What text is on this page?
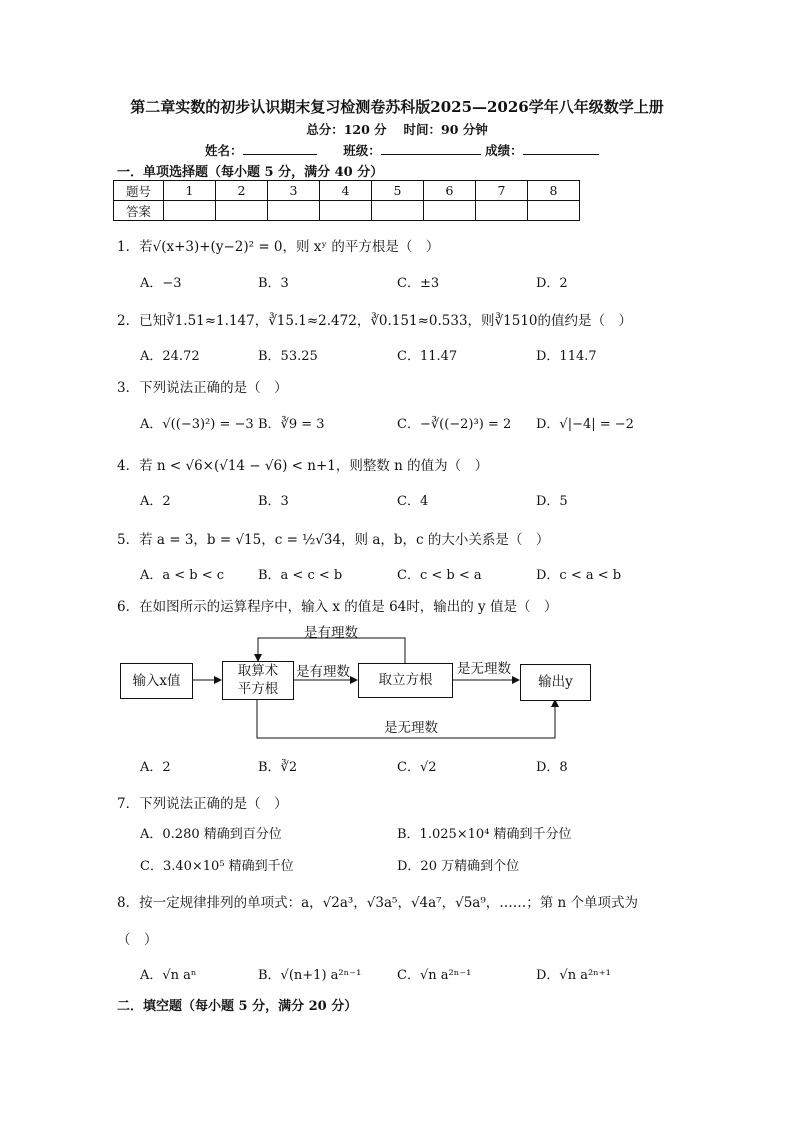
第二章实数的初步认识期末复习检测卷苏科版2025—2026学年八年级数学上册
总分：120 分　 时间：90 分钟
姓名：	班级：	成绩：
一．单项选择题（每小题 5 分，满分 40 分）
题号	1	2	3	4	5	6	7	8
答案								
1．若√(x+3)+(y−2)² = 0，则 xʸ 的平方根是（　）
A．−3	B．3	C．±3	D．2
2．已知∛1.51≈1.147，∛15.1≈2.472，∛0.151≈0.533，则∛1510的值约是（　）
A．24.72	B．53.25	C．11.47	D．114.7
3．下列说法正确的是（　）
A．√((−3)²) = −3 B．∛9 = 3	C．−∛((−2)³) = 2 D．√|−4| = −2
4．若 n < √6×(√14 − √6) < n+1，则整数 n 的值为（　）
A．2	B．3	C．4	D．5
5．若 a = 3，b = √15，c = ½√34，则 a，b，c 的大小关系是（　）
A．a < b < c	B．a < c < b	C．c < b < a	D．c < a < b
6．在如图所示的运算程序中，输入 x 的值是 64时，输出的 y 值是（　）
输入x值
取算术
平方根
取立方根	输出y
是有理数
是有理数	是无理数
是无理数
A．2	B．∛2	C．√2	D．8
7．下列说法正确的是（　）
A．0.280 精确到百分位	B．1.025×10⁴ 精确到千分位
C．3.40×10⁵ 精确到千位	D．20 万精确到个位
8．按一定规律排列的单项式：a，√2a³，√3a⁵，√4a⁷，√5a⁹，……；第 n 个单项式为
（　）
A．√n aⁿ	B．√(n+1) a²ⁿ⁻¹	C．√n a²ⁿ⁻¹	D．√n a²ⁿ⁺¹
二．填空题（每小题 5 分，满分 20 分）
